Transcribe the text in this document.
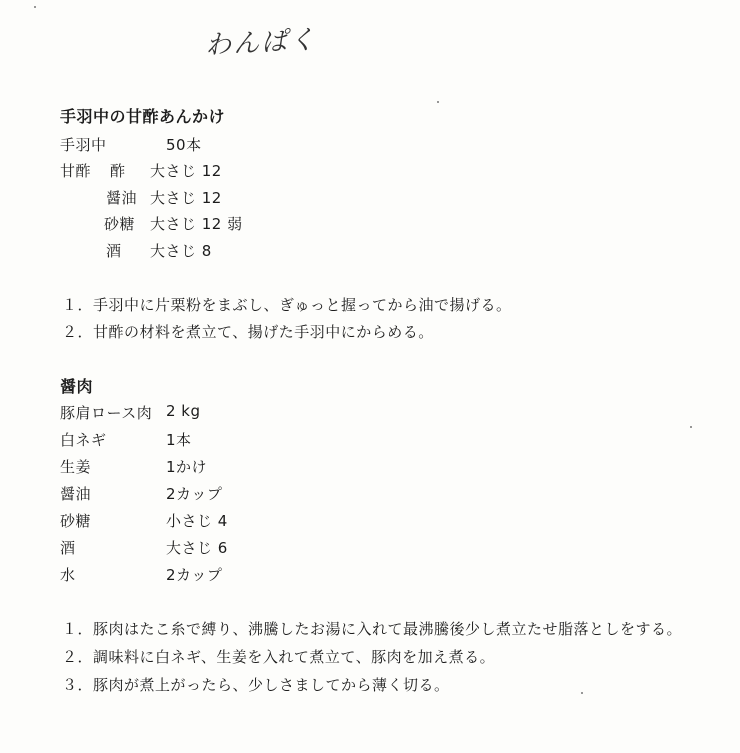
わんぱく
手羽中の甘酢あんかけ
手羽中	50本
甘酢 酢 大さじ 12
醤油 大さじ 12
砂糖 大さじ 12 弱
酒 大さじ 8
１．手羽中に片栗粉をまぶし、ぎゅっと握ってから油で揚げる。
２．甘酢の材料を煮立て、揚げた手羽中にからめる。
醤肉
豚肩ロース肉 2 kg
白ネギ	1本
生姜	1かけ
醤油	2カップ
砂糖	小さじ 4
酒	大さじ 6
水	2カップ
１．豚肉はたこ糸で縛り、沸騰したお湯に入れて最沸騰後少し煮立たせ脂落としをする。
２．調味料に白ネギ、生姜を入れて煮立て、豚肉を加え煮る。
３．豚肉が煮上がったら、少しさましてから薄く切る。
